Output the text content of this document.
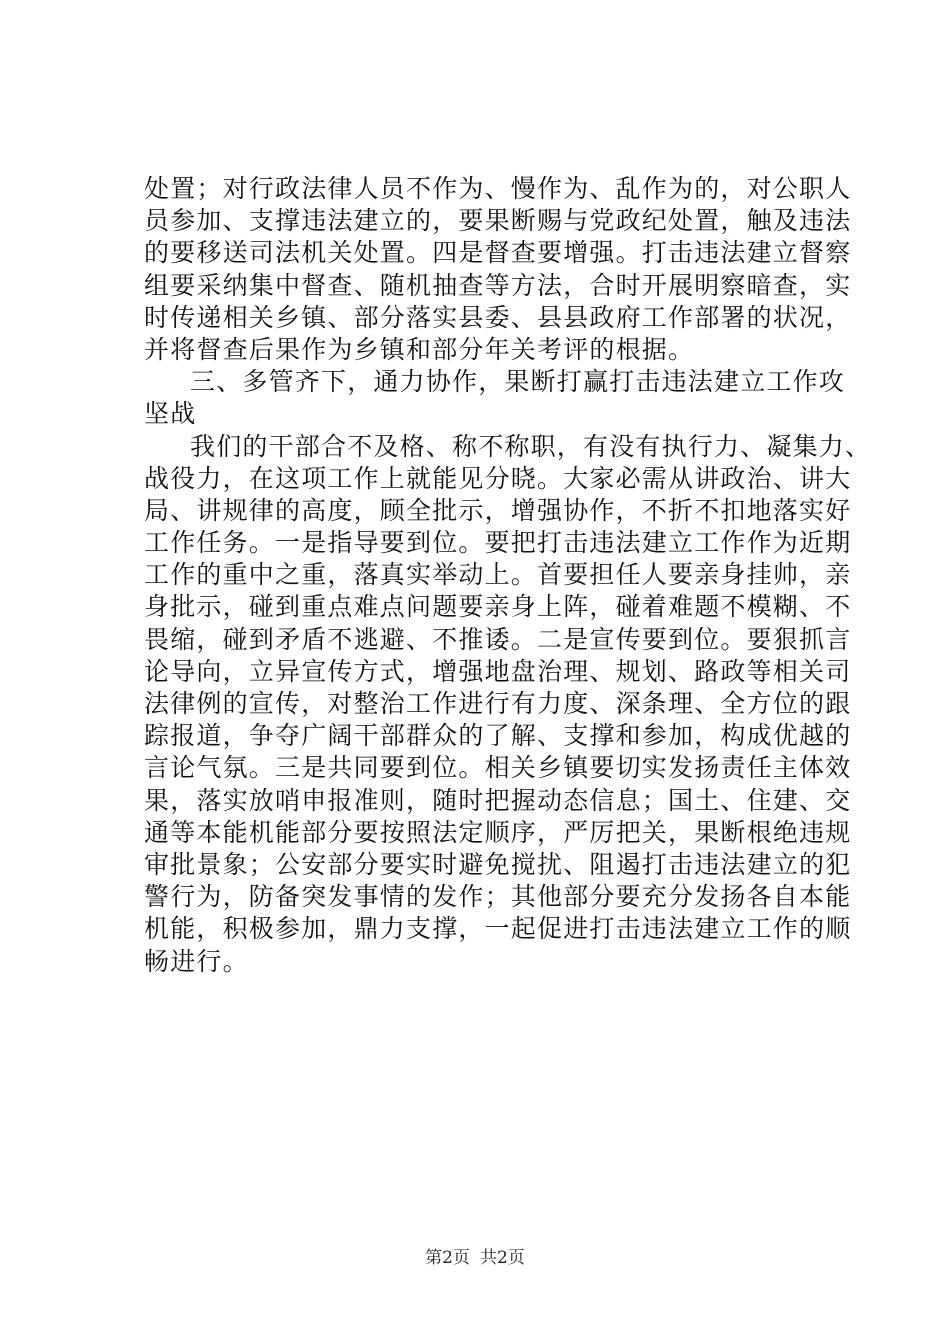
处置；对行政法律人员不作为、慢作为、乱作为的，对公职人
员参加、支撑违法建立的，要果断赐与党政纪处置，触及违法
的要移送司法机关处置。四是督查要增强。打击违法建立督察
组要采纳集中督查、随机抽查等方法，合时开展明察暗查，实
时传递相关乡镇、部分落实县委、县县政府工作部署的状况，
并将督查后果作为乡镇和部分年关考评的根据。
三、多管齐下，通力协作，果断打赢打击违法建立工作攻
坚战
我们的干部合不及格、称不称职，有没有执行力、凝集力、
战役力，在这项工作上就能见分晓。大家必需从讲政治、讲大
局、讲规律的高度，顾全批示，增强协作，不折不扣地落实好
工作任务。一是指导要到位。要把打击违法建立工作作为近期
工作的重中之重，落真实举动上。首要担任人要亲身挂帅，亲
身批示，碰到重点难点问题要亲身上阵，碰着难题不模糊、不
畏缩，碰到矛盾不逃避、不推诿。二是宣传要到位。要狠抓言
论导向，立异宣传方式，增强地盘治理、规划、路政等相关司
法律例的宣传，对整治工作进行有力度、深条理、全方位的跟
踪报道，争夺广阔干部群众的了解、支撑和参加，构成优越的
言论气氛。三是共同要到位。相关乡镇要切实发扬责任主体效
果，落实放哨申报准则，随时把握动态信息；国土、住建、交
通等本能机能部分要按照法定顺序，严厉把关，果断根绝违规
审批景象；公安部分要实时避免搅扰、阻遏打击违法建立的犯
警行为，防备突发事情的发作；其他部分要充分发扬各自本能
机能，积极参加，鼎力支撑，一起促进打击违法建立工作的顺
畅进行。
第2页 共2页
